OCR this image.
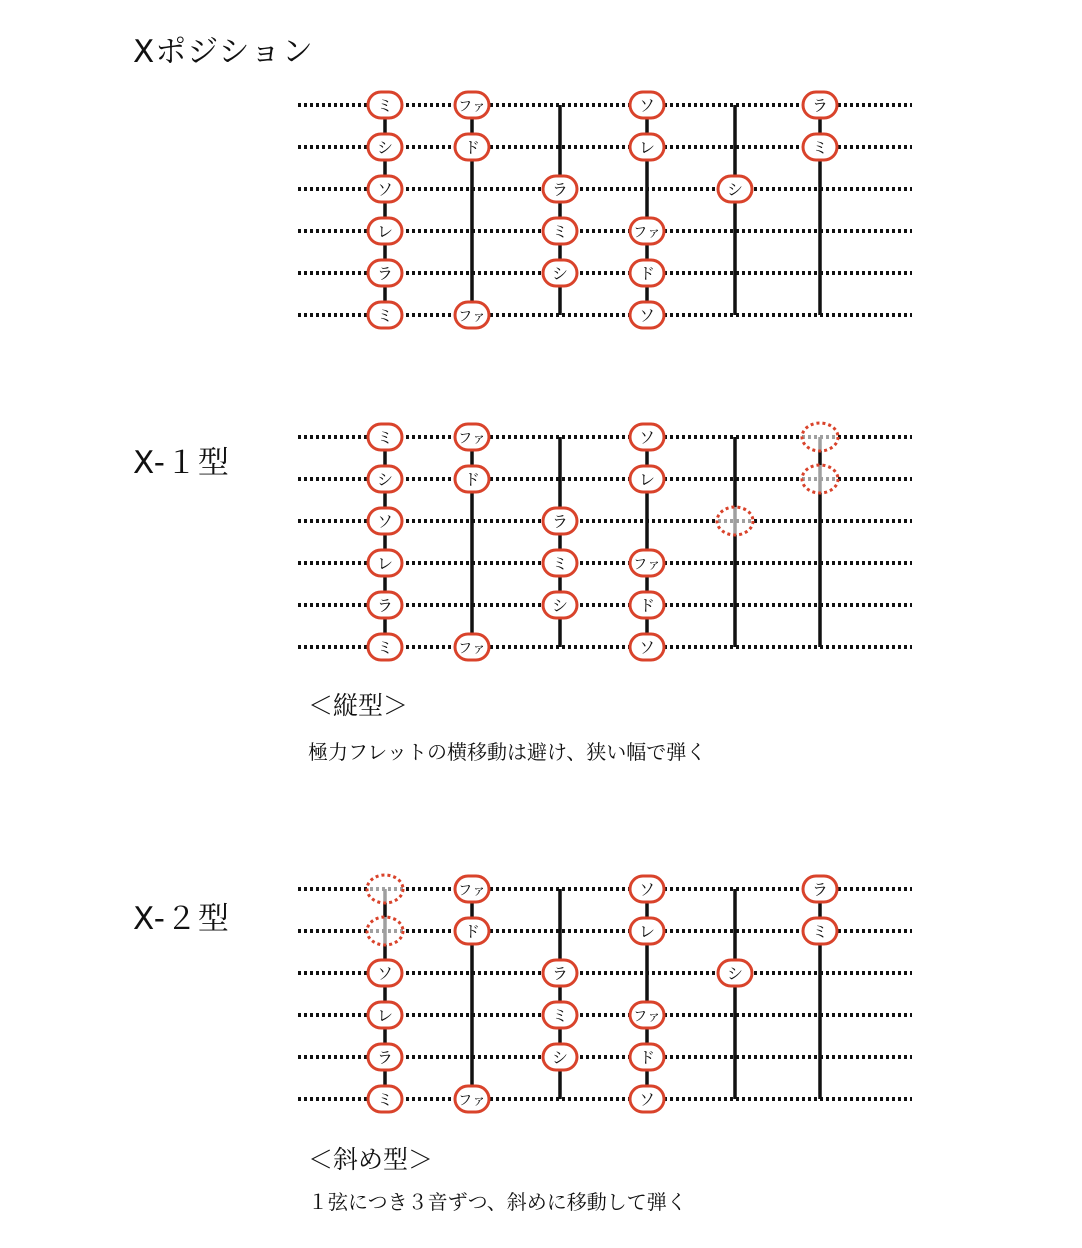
Xポジション
ミ
シ
ソ
レ
ラ
ミ
ファ
ド
ファ
ラ
ミ
シ
ソ
レ
ファ
ド
ソ
シ
ラ
ミ
X-１型
ミ
シ
ソ
レ
ラ
ミ
ファ
ド
ファ
ラ
ミ
シ
ソ
レ
ファ
ド
ソ
＜縦型＞
極力フレットの横移動は避け、狭い幅で弾く
X-２型
ソ
レ
ラ
ミ
ファ
ド
ファ
ラ
ミ
シ
ソ
レ
ファ
ド
ソ
シ
ラ
ミ
＜斜め型＞
１弦につき３音ずつ、斜めに移動して弾く
